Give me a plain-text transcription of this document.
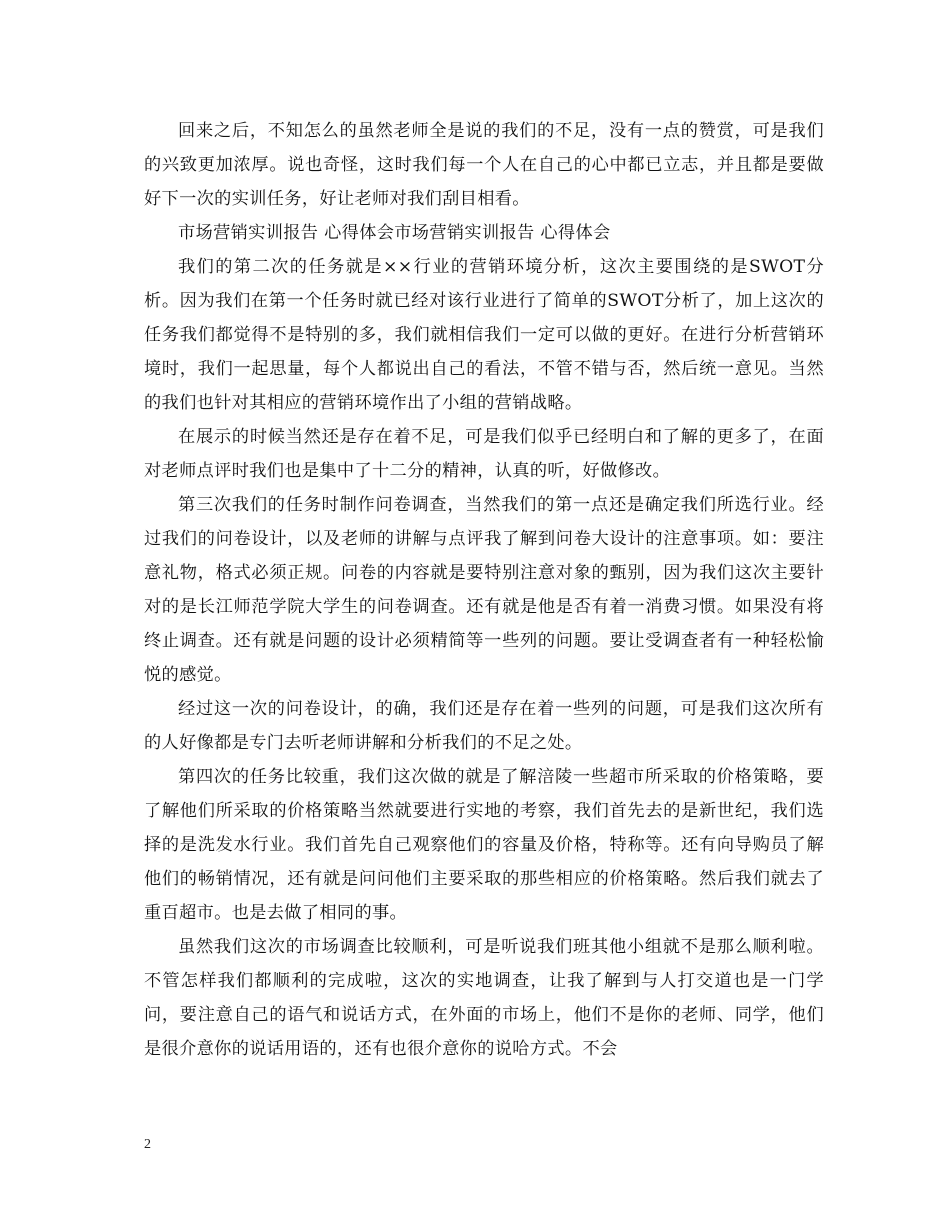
回来之后，不知怎么的虽然老师全是说的我们的不足，没有一点的赞赏，可是我们的兴致更加浓厚。说也奇怪，这时我们每一个人在自己的心中都已立志，并且都是要做好下一次的实训任务，好让老师对我们刮目相看。

市场营销实训报告 心得体会市场营销实训报告 心得体会

我们的第二次的任务就是××行业的营销环境分析，这次主要围绕的是SWOT分析。因为我们在第一个任务时就已经对该行业进行了简单的SWOT分析了，加上这次的任务我们都觉得不是特别的多，我们就相信我们一定可以做的更好。在进行分析营销环境时，我们一起思量，每个人都说出自己的看法，不管不错与否，然后统一意见。当然的我们也针对其相应的营销环境作出了小组的营销战略。

在展示的时候当然还是存在着不足，可是我们似乎已经明白和了解的更多了，在面对老师点评时我们也是集中了十二分的精神，认真的听，好做修改。

第三次我们的任务时制作问卷调查，当然我们的第一点还是确定我们所选行业。经过我们的问卷设计，以及老师的讲解与点评我了解到问卷大设计的注意事项。如：要注意礼物，格式必须正规。问卷的内容就是要特别注意对象的甄别，因为我们这次主要针对的是长江师范学院大学生的问卷调查。还有就是他是否有着一消费习惯。如果没有将终止调查。还有就是问题的设计必须精简等一些列的问题。要让受调查者有一种轻松愉悦的感觉。

经过这一次的问卷设计，的确，我们还是存在着一些列的问题，可是我们这次所有的人好像都是专门去听老师讲解和分析我们的不足之处。

第四次的任务比较重，我们这次做的就是了解涪陵一些超市所采取的价格策略，要了解他们所采取的价格策略当然就要进行实地的考察，我们首先去的是新世纪，我们选择的是洗发水行业。我们首先自己观察他们的容量及价格，特称等。还有向导购员了解他们的畅销情况，还有就是问问他们主要采取的那些相应的价格策略。然后我们就去了重百超市。也是去做了相同的事。

虽然我们这次的市场调查比较顺利，可是听说我们班其他小组就不是那么顺利啦。不管怎样我们都顺利的完成啦，这次的实地调查，让我了解到与人打交道也是一门学问，要注意自己的语气和说话方式，在外面的市场上，他们不是你的老师、同学，他们是很介意你的说话用语的，还有也很介意你的说哈方式。不会

2
